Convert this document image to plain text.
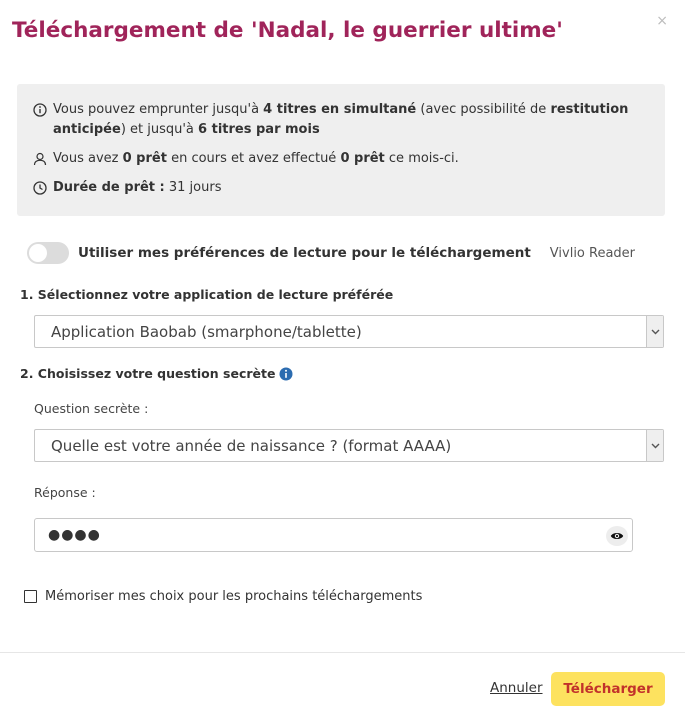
Téléchargement de 'Nadal, le guerrier ultime'	×
Vous pouvez emprunter jusqu'à 4 titres en simultané (avec possibilité de restitution anticipée) et jusqu'à 6 titres par mois
Vous avez 0 prêt en cours et avez effectué 0 prêt ce mois-ci.
Durée de prêt : 31 jours
Utiliser mes préférences de lecture pour le téléchargement Vivlio Reader
1. Sélectionnez votre application de lecture préférée
Application Baobab (smarphone/tablette)
2. Choisissez votre question secrète
Question secrète :
Quelle est votre année de naissance ? (format AAAA)
Réponse :
●●●●
Mémoriser mes choix pour les prochains téléchargements
Annuler	Télécharger
